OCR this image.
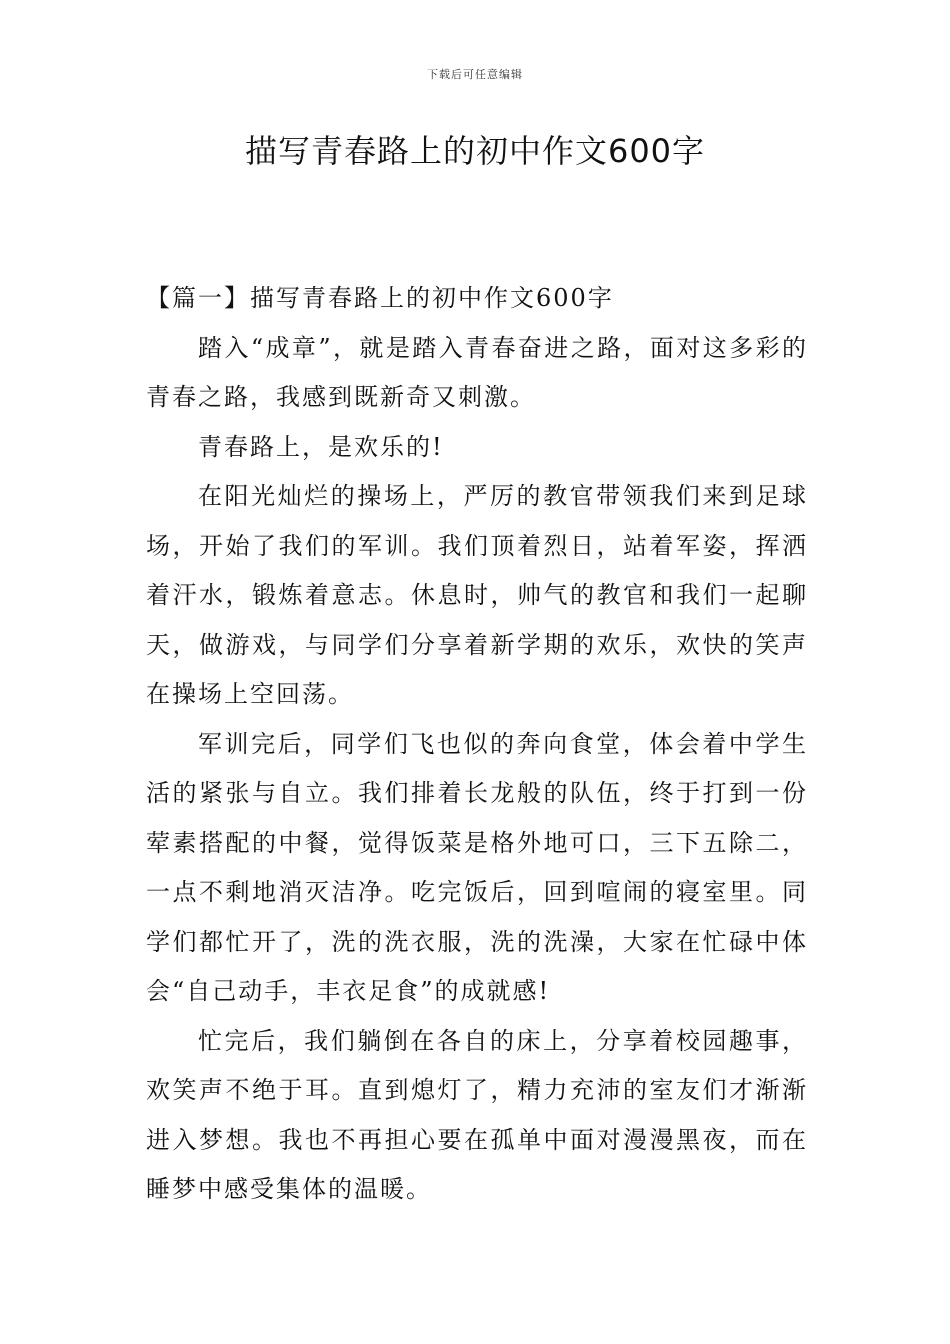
下载后可任意编辑
描写青春路上的初中作文600字

【篇一】描写青春路上的初中作文600字

踏入“成章”，就是踏入青春奋进之路，面对这多彩的青春之路，我感到既新奇又刺激。

青春路上，是欢乐的!

在阳光灿烂的操场上，严厉的教官带领我们来到足球场，开始了我们的军训。我们顶着烈日，站着军姿，挥洒着汗水，锻炼着意志。休息时，帅气的教官和我们一起聊天，做游戏，与同学们分享着新学期的欢乐，欢快的笑声在操场上空回荡。

军训完后，同学们飞也似的奔向食堂，体会着中学生活的紧张与自立。我们排着长龙般的队伍，终于打到一份荤素搭配的中餐，觉得饭菜是格外地可口，三下五除二，一点不剩地消灭洁净。吃完饭后，回到喧闹的寝室里。同学们都忙开了，洗的洗衣服，洗的洗澡，大家在忙碌中体会“自己动手，丰衣足食”的成就感!

忙完后，我们躺倒在各自的床上，分享着校园趣事，欢笑声不绝于耳。直到熄灯了，精力充沛的室友们才渐渐进入梦想。我也不再担心要在孤单中面对漫漫黑夜，而在睡梦中感受集体的温暖。
